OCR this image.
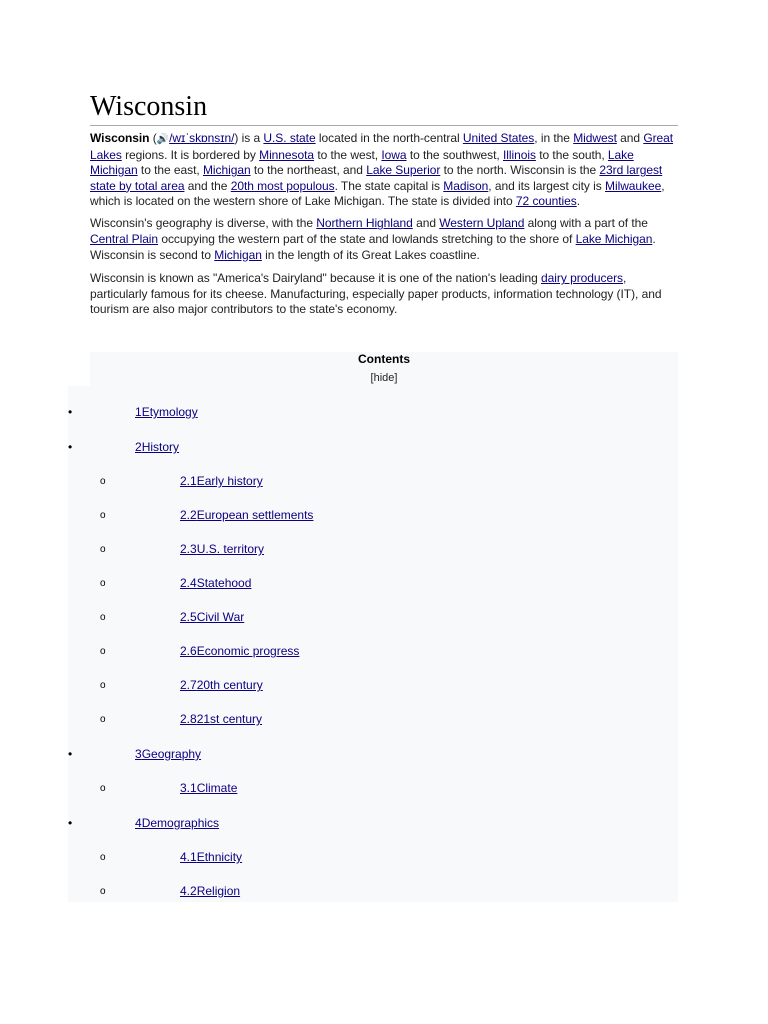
Wisconsin

Wisconsin (🔊/wɪˈskɒnsɪn/) is a U.S. state located in the north-central United States, in the Midwest and Great Lakes regions. It is bordered by Minnesota to the west, Iowa to the southwest, Illinois to the south, Lake Michigan to the east, Michigan to the northeast, and Lake Superior to the north. Wisconsin is the 23rd largest state by total area and the 20th most populous. The state capital is Madison, and its largest city is Milwaukee, which is located on the western shore of Lake Michigan. The state is divided into 72 counties.

Wisconsin's geography is diverse, with the Northern Highland and Western Upland along with a part of the Central Plain occupying the western part of the state and lowlands stretching to the shore of Lake Michigan. Wisconsin is second to Michigan in the length of its Great Lakes coastline.

Wisconsin is known as "America's Dairyland" because it is one of the nation's leading dairy producers, particularly famous for its cheese. Manufacturing, especially paper products, information technology (IT), and tourism are also major contributors to the state's economy.

Contents
[hide]
•	1Etymology
•	2History
o	2.1Early history
o	2.2European settlements
o	2.3U.S. territory
o	2.4Statehood
o	2.5Civil War
o	2.6Economic progress
o	2.720th century
o	2.821st century
•	3Geography
o	3.1Climate
•	4Demographics
o	4.1Ethnicity
o	4.2Religion
